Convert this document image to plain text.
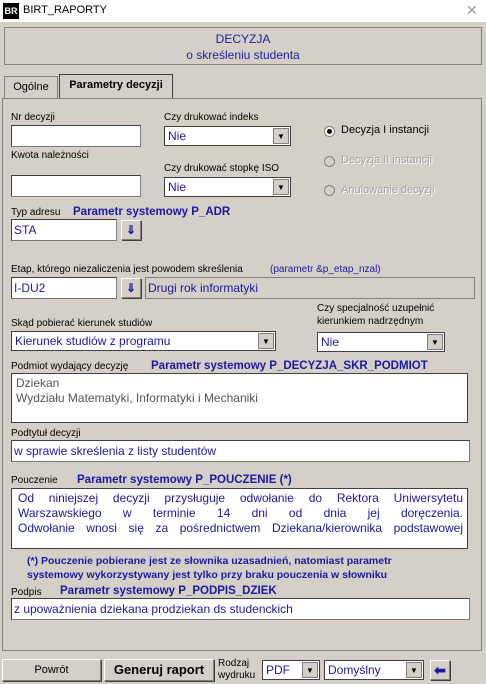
BR BIRT_RAPORTY	✕
DECYZJA
o skreśleniu studenta
Ogólne	Parametry decyzji
Nr decyzji
Kwota należności
Czy drukować indeks
Nie	▼
Czy drukować stopkę ISO
Nie	▼
Decyzja I instancji
Decyzja II instancji
Anulowanie decyzji
Typ adresu Parametr systemowy P_ADR
STA	⇓
Etap, którego niezaliczenia jest powodem skreślenia	(parametr &p_etap_nzal)
I-DU2	⇓ Drugi rok informatyki
Skąd pobierać kierunek studiów
Kierunek studiów z programu	▼
Czy specjalność uzupełnić kierunkiem nadrzędnym
Nie	▼
Podmiot wydający decyzję Parametr systemowy P_DECYZJA_SKR_PODMIOT
Dziekan
Wydziału Matematyki, Informatyki i Mechaniki
Podtytuł decyzji
w sprawie skreślenia z listy studentów
Pouczenie Parametr systemowy P_POUCZENIE (*)
Od niniejszej decyzji przysługuje odwołanie do Rektora Uniwersytetu
Warszawskiego w terminie 14 dni od dnia jej doręczenia.
Odwołanie wnosi się za pośrednictwem Dziekana/kierownika podstawowej
(*) Pouczenie pobierane jest ze słownika uzasadnień, natomiast parametr
systemowy wykorzystywany jest tylko przy braku pouczenia w słowniku
Podpis Parametr systemowy P_PODPIS_DZIEK
z upoważnienia dziekana prodziekan ds studenckich
Powrót	Generuj raport	Rodzaj
wydruku PDF	▼	Domyślny	▼ ⬅
